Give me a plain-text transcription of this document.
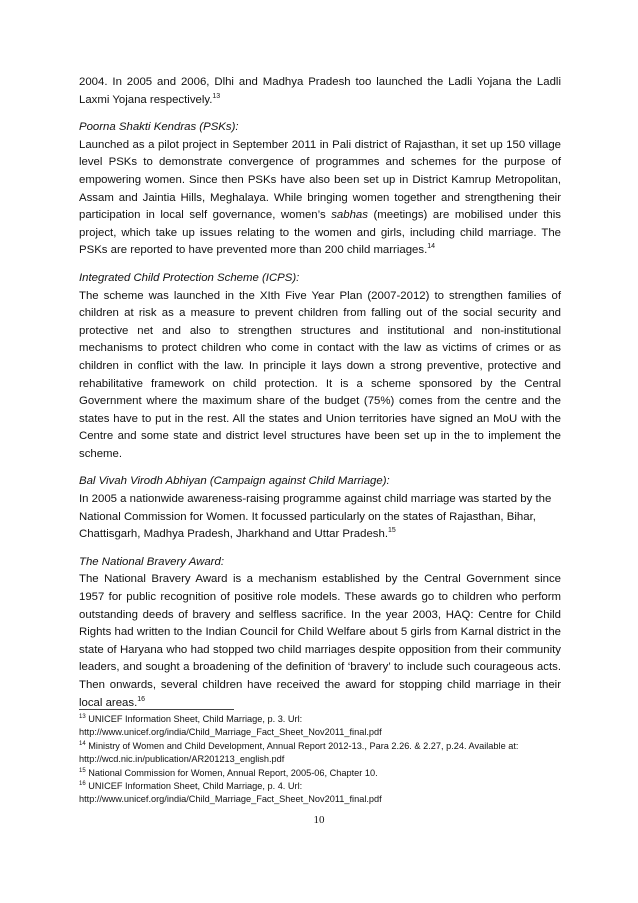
2004. In 2005 and 2006, Dlhi and Madhya Pradesh too launched the Ladli Yojana the Ladli Laxmi Yojana respectively.$^{13}$

Poorna Shakti Kendras (PSKs):
Launched as a pilot project in September 2011 in Pali district of Rajasthan, it set up 150 village level PSKs to demonstrate convergence of programmes and schemes for the purpose of empowering women. Since then PSKs have also been set up in District Kamrup Metropolitan, Assam and Jaintia Hills, Meghalaya. While bringing women together and strengthening their participation in local self governance, women’s sabhas (meetings) are mobilised under this project, which take up issues relating to the women and girls, including child marriage. The PSKs are reported to have prevented more than 200 child marriages.$^{14}$

Integrated Child Protection Scheme (ICPS):
The scheme was launched in the XIth Five Year Plan (2007-2012) to strengthen families of children at risk as a measure to prevent children from falling out of the social security and protective net and also to strengthen structures and institutional and non-institutional mechanisms to protect children who come in contact with the law as victims of crimes or as children in conflict with the law. In principle it lays down a strong preventive, protective and rehabilitative framework on child protection. It is a scheme sponsored by the Central Government where the maximum share of the budget (75%) comes from the centre and the states have to put in the rest. All the states and Union territories have signed an MoU with the Centre and some state and district level structures have been set up in the to implement the scheme.

Bal Vivah Virodh Abhiyan (Campaign against Child Marriage):
In 2005 a nationwide awareness-raising programme against child marriage was started by the National Commission for Women. It focussed particularly on the states of Rajasthan, Bihar, Chattisgarh, Madhya Pradesh, Jharkhand and Uttar Pradesh.$^{15}$

The National Bravery Award:
The National Bravery Award is a mechanism established by the Central Government since 1957 for public recognition of positive role models. These awards go to children who perform outstanding deeds of bravery and selfless sacrifice. In the year 2003, HAQ: Centre for Child Rights had written to the Indian Council for Child Welfare about 5 girls from Karnal district in the state of Haryana who had stopped two child marriages despite opposition from their community leaders, and sought a broadening of the definition of ‘bravery’ to include such courageous acts. Then onwards, several children have received the award for stopping child marriage in their local areas.$^{16}$

$^{13}$ UNICEF Information Sheet, Child Marriage, p. 3. Url:
http://www.unicef.org/india/Child_Marriage_Fact_Sheet_Nov2011_final.pdf

$^{14}$ Ministry of Women and Child Development, Annual Report 2012-13., Para 2.26. & 2.27, p.24. Available at:
http://wcd.nic.in/publication/AR201213_english.pdf

$^{15}$ National Commission for Women, Annual Report, 2005-06, Chapter 10.

$^{16}$ UNICEF Information Sheet, Child Marriage, p. 4. Url:
http://www.unicef.org/india/Child_Marriage_Fact_Sheet_Nov2011_final.pdf

10
